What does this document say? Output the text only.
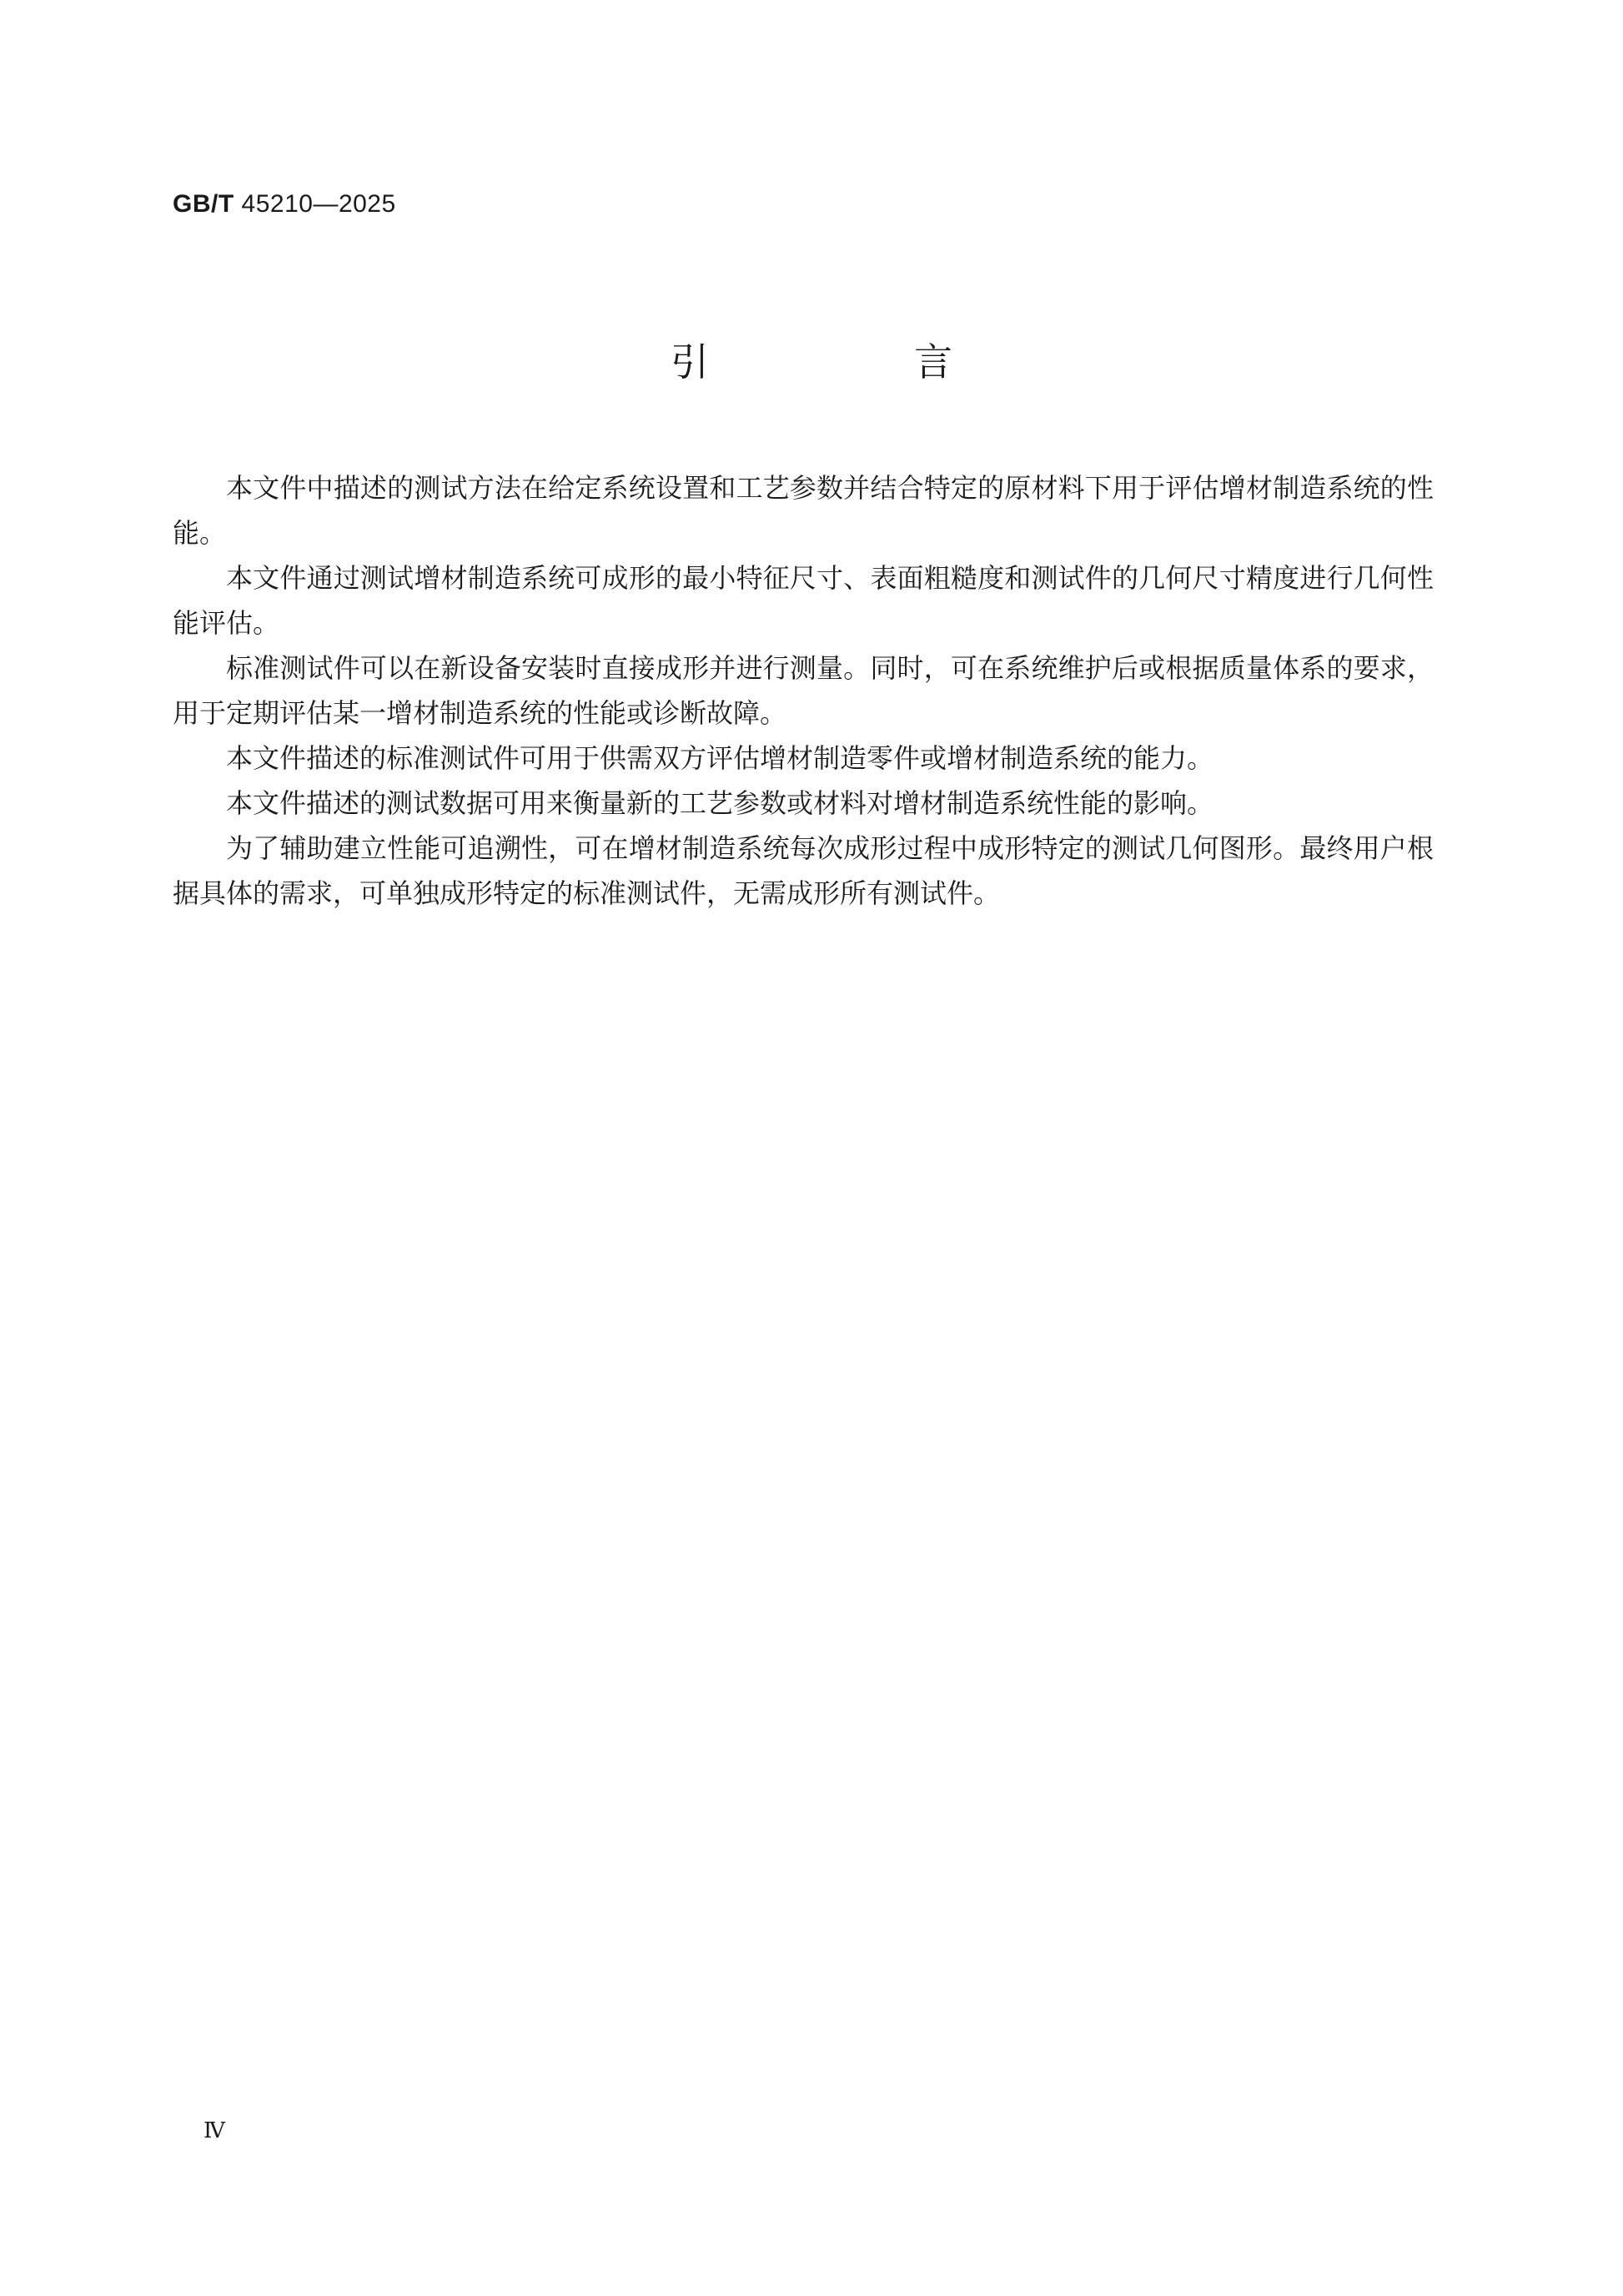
GB/T 45210—2025
引　言

本文件中描述的测试方法在给定系统设置和工艺参数并结合特定的原材料下用于评估增材制造系统的性能。

本文件通过测试增材制造系统可成形的最小特征尺寸、表面粗糙度和测试件的几何尺寸精度进行几何性能评估。

标准测试件可以在新设备安装时直接成形并进行测量。同时，可在系统维护后或根据质量体系的要求，用于定期评估某一增材制造系统的性能或诊断故障。

本文件描述的标准测试件可用于供需双方评估增材制造零件或增材制造系统的能力。

本文件描述的测试数据可用来衡量新的工艺参数或材料对增材制造系统性能的影响。

为了辅助建立性能可追溯性，可在增材制造系统每次成形过程中成形特定的测试几何图形。最终用户根据具体的需求，可单独成形特定的标准测试件，无需成形所有测试件。

Ⅳ
